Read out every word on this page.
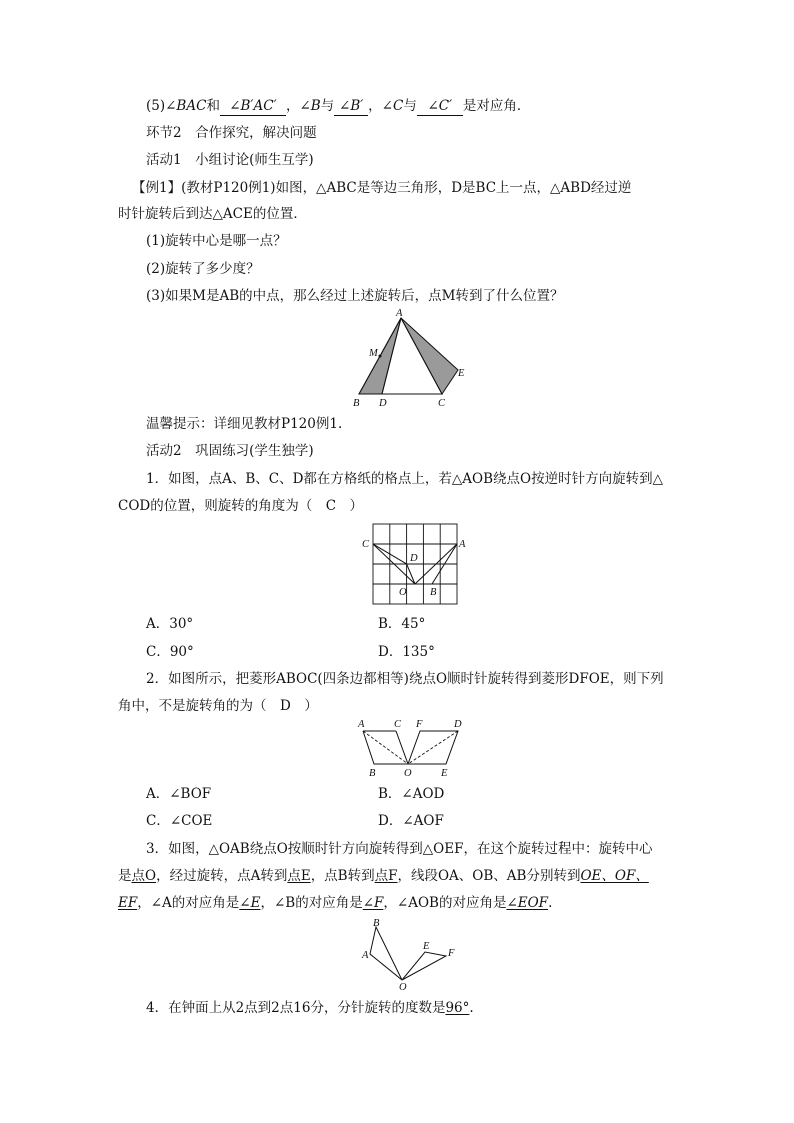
(5)∠BAC和 ∠B′AC′ ，∠B与 ∠B′ ，∠C与 ∠C′ 是对应角．
环节2　合作探究，解决问题
活动1　小组讨论(师生互学)
【例1】(教材P120例1)如图，△ABC是等边三角形，D是BC上一点，△ABD经过逆
时针旋转后到达△ACE的位置．
(1)旋转中心是哪一点？
(2)旋转了多少度？
(3)如果M是AB的中点，那么经过上述旋转后，点M转到了什么位置？
A
B D	C
E
M
温馨提示：详细见教材P120例1.
活动2　巩固练习(学生独学)
1．如图，点A、B、C、D都在方格纸的格点上，若△AOB绕点O按逆时针方向旋转到△
COD的位置，则旋转的角度为（　C　）
C	A
D
O B
A．30°	B．45°
C．90°	D．135°
2．如图所示，把菱形ABOC(四条边都相等)绕点O顺时针旋转得到菱形DFOE，则下列
角中，不是旋转角的为（　D　）
A	C F	D
B	O	E
A．∠BOF	B．∠AOD
C．∠COE	D．∠AOF
3．如图，△OAB绕点O按顺时针方向旋转得到△OEF，在这个旋转过程中：旋转中心
是点O，经过旋转，点A转到点E，点B转到点F，线段OA、OB、AB分别转到OE、OF、
EF，∠A的对应角是∠E，∠B的对应角是∠F，∠AOB的对应角是∠EOF.
B
A
E
F
O
4．在钟面上从2点到2点16分，分针旋转的度数是96°.
